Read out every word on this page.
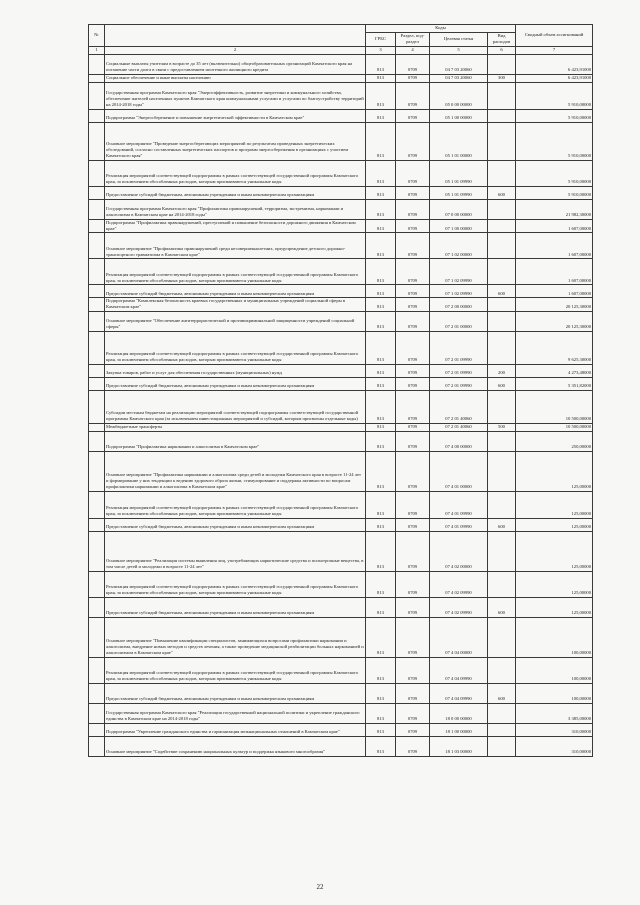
№		Коды				Сводный объем ассигнований
		ГРБС	Раздел, под-раздел	Целевая статья	Вид расходов	
1	2	3	4	5	6	7
	Социальные выплаты учителям в возрасте до 35 лет (включительно) общеобразовательных организаций Камчатского края на погашение части долга в связи с предоставлением ипотечного жилищного кредита	813	0709	04 7 03 20060		6 423,91000
	Социальное обеспечение и иные выплаты населению	813	0709	04 7 03 20060	300	6 423,91000
	Государственная программа Камчатского края "Энергоэффективность, развитие энергетики и коммунального хозяйства, обеспечение жителей населенных пунктов Камчатского края коммунальными услугами и услугами по благоустройству территорий на 2014-2018 годы"	813	0709	05 0 00 00000		5 910,00000
	Подпрограмма "Энергосбережение и повышение энергетической эффективности в Камчатском крае"	813	0709	05 1 00 00000		5 910,00000
	Основное мероприятие "Проведение энергосберегающих мероприятий по результатам проведенных энергетических обследований, согласно составленных энергетических паспортов и программ энергосбережения в организациях с участием Камчатского края"	813	0709	05 1 01 00000		5 910,00000
	Реализация мероприятий соответствующей подпрограммы в рамках соответствующей государственной программы Камчатского края, за исключением обособленных расходов, которым присваиваются уникальные коды	813	0709	05 1 01 09990		5 910,00000
	Предоставление субсидий бюджетным, автономным учреждениям и иным некоммерческим организациям	813	0709	05 1 01 09990	600	5 910,00000
	Государственная программа Камчатского края "Профилактика правонарушений, терроризма, экстремизма, наркомании и алкоголизма в Камчатском крае на 2014-2018 годы"	813	0709	07 0 00 00000		21 982,30000
	Подпрограмма "Профилактика правонарушений, преступлений и повышение безопасности дорожного движения в Камчатском крае"	813	0709	07 1 00 00000		1 607,00000
	Основное мероприятие "Профилактика правонарушений среди несовершеннолетних, предупреждение детского дорожно-транспортного травматизма в Камчатском крае"	813	0709	07 1 02 00000		1 607,00000
	Реализация мероприятий соответствующей подпрограммы в рамках соответствующей государственной программы Камчатского края, за исключением обособленных расходов, которым присваиваются уникальные коды	813	0709	07 1 02 09990		1 607,00000
	Предоставление субсидий бюджетным, автономным учреждениям и иным некоммерческим организациям	813	0709	07 1 02 09990	600	1 607,00000
	Подпрограмма "Комплексная безопасность краевых государственных и муниципальных учреждений социальной сферы в Камчатском крае"	813	0709	07 2 00 00000		20 125,30000
	Основное мероприятие "Обеспечение антитеррористической и противокриминальной защищенности учреждений социальной сферы"	813	0709	07 2 01 00000		20 125,30000
	Реализация мероприятий соответствующей подпрограммы в рамках соответствующей государственной программы Камчатского края, за исключением обособленных расходов, которым присваиваются уникальные коды	813	0709	07 2 01 09990		9 625,30000
	Закупка товаров, работ и услуг для обеспечения государственных (муниципальных) нужд	813	0709	07 2 01 09990	200	4 273,48000
	Предоставление субсидий бюджетным, автономным учреждениям и иным некоммерческим организациям	813	0709	07 2 01 09990	600	5 351,82000
	Субсидии местным бюджетам на реализацию мероприятий соответствующей подпрограммы соответствующей государственной программы Камчатского края (за исключением инвестиционных мероприятий и субсидий, которым присвоены отдельные коды)	813	0709	07 2 01 40060		10 500,00000
	Межбюджетные трансферты	813	0709	07 2 01 40060	500	10 500,00000
	Подпрограмма "Профилактика наркомании и алкоголизма в Камчатском крае"	813	0709	07 4 00 00000		250,00000
	Основное мероприятие "Профилактика наркомании и алкоголизма среди детей и молодежи Камчатского края в возрасте 11-24 лет и формирование у них тенденции к ведению здорового образа жизни, стимулирование и поддержка активности по вопросам профилактики наркомании и алкоголизма в Камчатском крае"	813	0709	07 4 01 00000		125,00000
	Реализация мероприятий соответствующей подпрограммы в рамках соответствующей государственной программы Камчатского края, за исключением обособленных расходов, которым присваиваются уникальные коды	813	0709	07 4 01 09990		125,00000
	Предоставление субсидий бюджетным, автономным учреждениям и иным некоммерческим организациям	813	0709	07 4 01 09990	600	125,00000
	Основное мероприятие "Реализация системы выявления лиц, употребляющих наркотические средства и психотропные вещества, в том числе детей и молодежи в возрасте 11-24 лет"	813	0709	07 4 02 00000		125,00000
	Реализация мероприятий соответствующей подпрограммы в рамках соответствующей государственной программы Камчатского края, за исключением обособленных расходов, которым присваиваются уникальные коды	813	0709	07 4 02 09990		125,00000
	Предоставление субсидий бюджетным, автономным учреждениям и иным некоммерческим организациям	813	0709	07 4 02 09990	600	125,00000
	Основное мероприятие "Повышение квалификации специалистов, занимающихся вопросами профилактики наркомании и алкоголизма, внедрение новых методов и средств лечения, а также проведение медицинской реабилитации больных наркоманией и алкоголизмом в Камчатском крае"	813	0709	07 4 04 00000		100,00000
	Реализация мероприятий соответствующей подпрограммы в рамках соответствующей государственной программы Камчатского края, за исключением обособленных расходов, которым присваиваются уникальные коды	813	0709	07 4 04 09990		100,00000
	Предоставление субсидий бюджетным, автономным учреждениям и иным некоммерческим организациям	813	0709	07 4 04 09990	600	100,00000
	Государственная программа Камчатского края "Реализация государственной национальной политики и укрепление гражданского единства в Камчатском крае на 2014-2018 годы"	813	0709	18 0 00 00000		3 385,00000
	Подпрограмма "Укрепление гражданского единства и гармонизация межнациональных отношений в Камчатском крае"	813	0709	18 1 00 00000		310,00000
	Основное мероприятие "Содействие сохранению национальных культур и поддержка языкового многообразия"	813	0709	18 1 03 00000		310,00000
22
